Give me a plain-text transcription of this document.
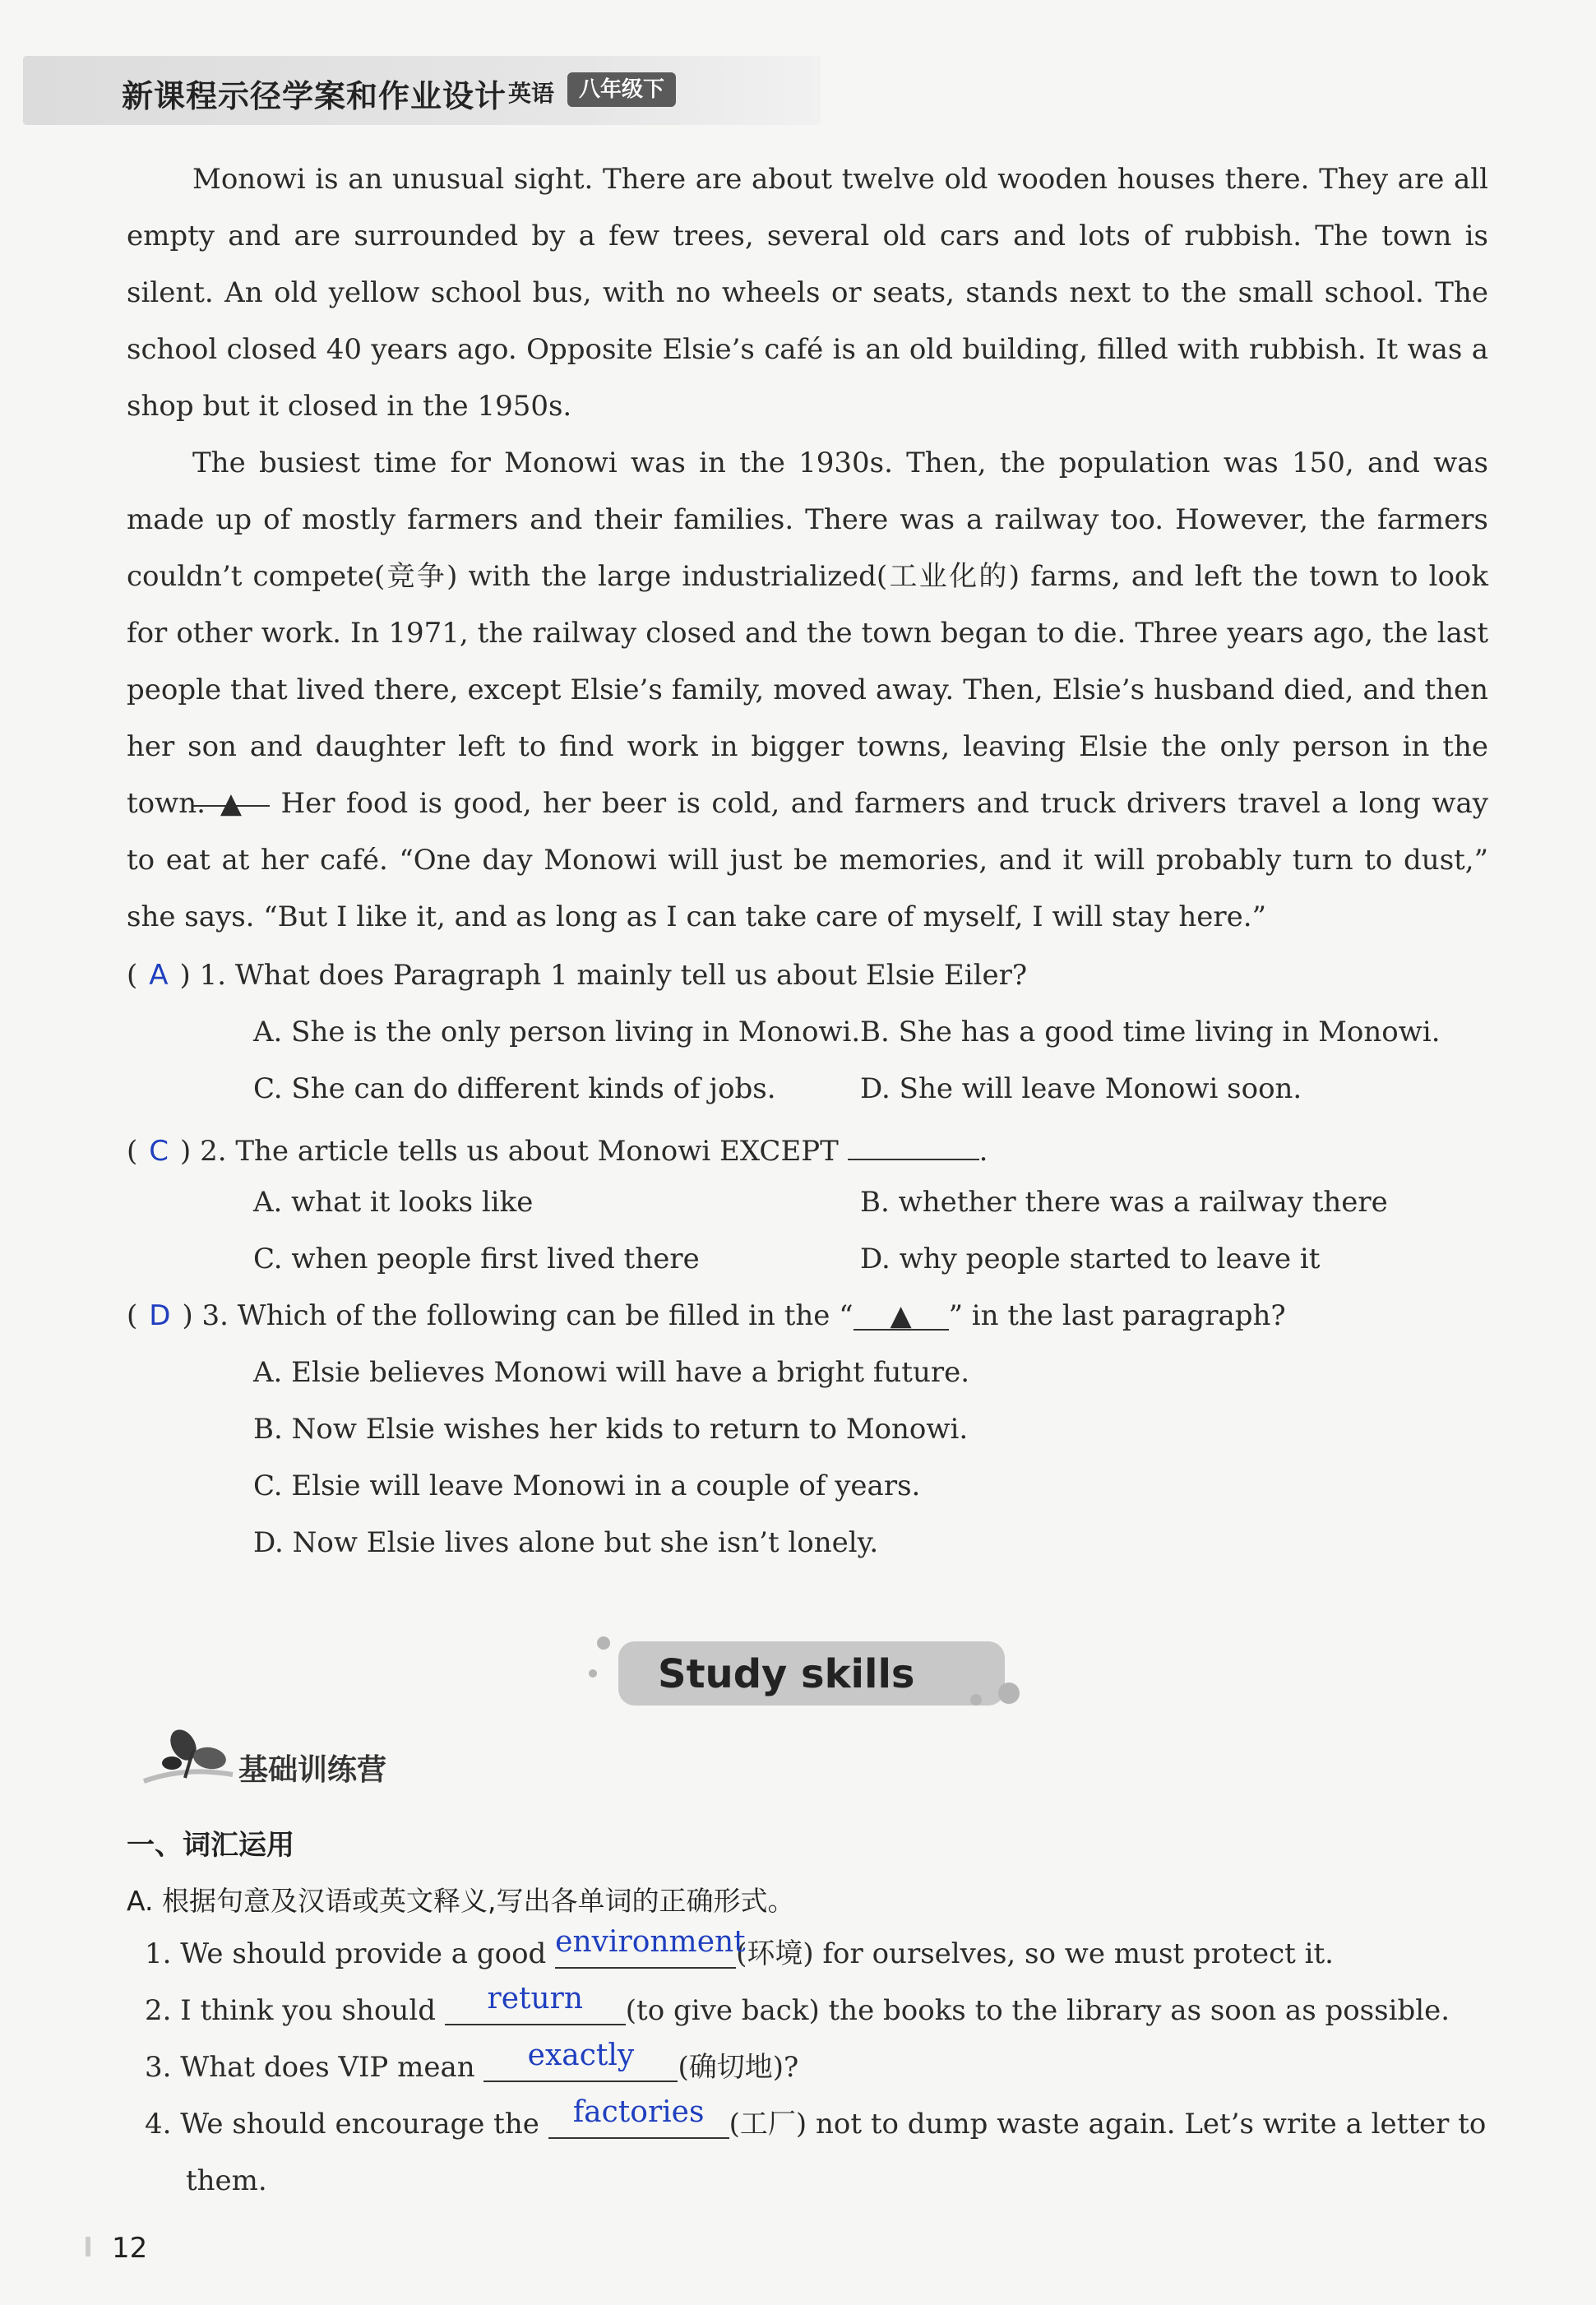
新课程示径学案和作业设计 英语	八年级下
Monowi is an unusual sight. There are about twelve old wooden houses there. They are all empty and are surrounded by a few trees, several old cars and lots of rubbish. The town is silent. An old yellow school bus, with no wheels or seats, stands next to the small school. The school closed 40 years ago. Opposite Elsie’s café is an old building, filled with rubbish. It was a shop but it closed in the 1950s.
The busiest time for Monowi was in the 1930s. Then, the population was 150, and was made up of mostly farmers and their families. There was a railway too. However, the farmers couldn’t compete(竞争) with the large industrialized(工业化的) farms, and left the town to look for other work. In 1971, the railway closed and the town began to die. Three years ago, the last people that lived there, except Elsie’s family, moved away. Then, Elsie’s husband died, and then her son and daughter left to find work in bigger towns, leaving Elsie the only person in the town. ▲ Her food is good, her beer is cold, and farmers and truck drivers travel a long way to eat at her café. “One day Monowi will just be memories, and it will probably turn to dust,” she says. “But I like it, and as long as I can take care of myself, I will stay here.”
( A ) 1. What does Paragraph 1 mainly tell us about Elsie Eiler?
A. She is the only person living in Monowi. B. She has a good time living in Monowi.
C. She can do different kinds of jobs.	D. She will leave Monowi soon.
( C ) 2. The article tells us about Monowi EXCEPT	.
A. what it looks like	B. whether there was a railway there
C. when people first lived there	D. why people started to leave it
( D ) 3. Which of the following can be filled in the “ ▲ ” in the last paragraph?
A. Elsie believes Monowi will have a bright future.
B. Now Elsie wishes her kids to return to Monowi.
C. Elsie will leave Monowi in a couple of years.
D. Now Elsie lives alone but she isn’t lonely.
Study skills
基础训练营
一、词汇运用
A. 根据句意及汉语或英文释义,写出各单词的正确形式。
1. We should provide a good environment(环境) for ourselves, so we must protect it.
2. I think you should return (to give back) the books to the library as soon as possible.
3. What does VIP mean exactly (确切地)?
4. We should encourage the factories (工厂) not to dump waste again. Let’s write a letter to
them.
12
